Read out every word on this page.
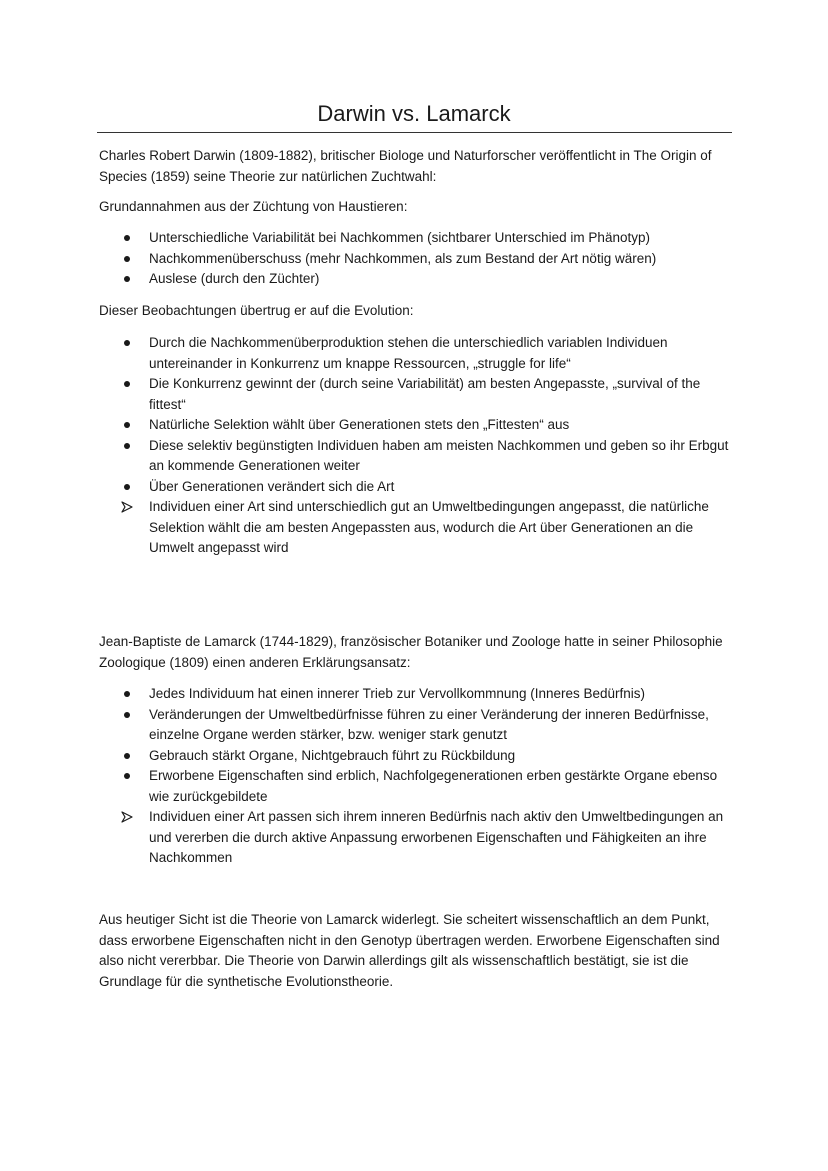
Darwin vs. Lamarck

Charles Robert Darwin (1809-1882), britischer Biologe und Naturforscher veröffentlicht in The Origin of Species (1859) seine Theorie zur natürlichen Zuchtwahl:

Grundannahmen aus der Züchtung von Haustieren:

Unterschiedliche Variabilität bei Nachkommen (sichtbarer Unterschied im Phänotyp)
Nachkommenüberschuss (mehr Nachkommen, als zum Bestand der Art nötig wären)
Auslese (durch den Züchter)

Dieser Beobachtungen übertrug er auf die Evolution:

Durch die Nachkommenüberproduktion stehen die unterschiedlich variablen Individuen untereinander in Konkurrenz um knappe Ressourcen, „struggle for life“
Die Konkurrenz gewinnt der (durch seine Variabilität) am besten Angepasste, „survival of the fittest“
Natürliche Selektion wählt über Generationen stets den „Fittesten“ aus
Diese selektiv begünstigten Individuen haben am meisten Nachkommen und geben so ihr Erbgut an kommende Generationen weiter
Über Generationen verändert sich die Art
Individuen einer Art sind unterschiedlich gut an Umweltbedingungen angepasst, die natürliche Selektion wählt die am besten Angepassten aus, wodurch die Art über Generationen an die Umwelt angepasst wird

Jean-Baptiste de Lamarck (1744-1829), französischer Botaniker und Zoologe hatte in seiner Philosophie Zoologique (1809) einen anderen Erklärungsansatz:

Jedes Individuum hat einen innerer Trieb zur Vervollkommnung (Inneres Bedürfnis)
Veränderungen der Umweltbedürfnisse führen zu einer Veränderung der inneren Bedürfnisse, einzelne Organe werden stärker, bzw. weniger stark genutzt
Gebrauch stärkt Organe, Nichtgebrauch führt zu Rückbildung
Erworbene Eigenschaften sind erblich, Nachfolgegenerationen erben gestärkte Organe ebenso wie zurückgebildete
Individuen einer Art passen sich ihrem inneren Bedürfnis nach aktiv den Umweltbedingungen an und vererben die durch aktive Anpassung erworbenen Eigenschaften und Fähigkeiten an ihre Nachkommen

Aus heutiger Sicht ist die Theorie von Lamarck widerlegt. Sie scheitert wissenschaftlich an dem Punkt, dass erworbene Eigenschaften nicht in den Genotyp übertragen werden. Erworbene Eigenschaften sind also nicht vererbbar. Die Theorie von Darwin allerdings gilt als wissenschaftlich bestätigt, sie ist die Grundlage für die synthetische Evolutionstheorie.
